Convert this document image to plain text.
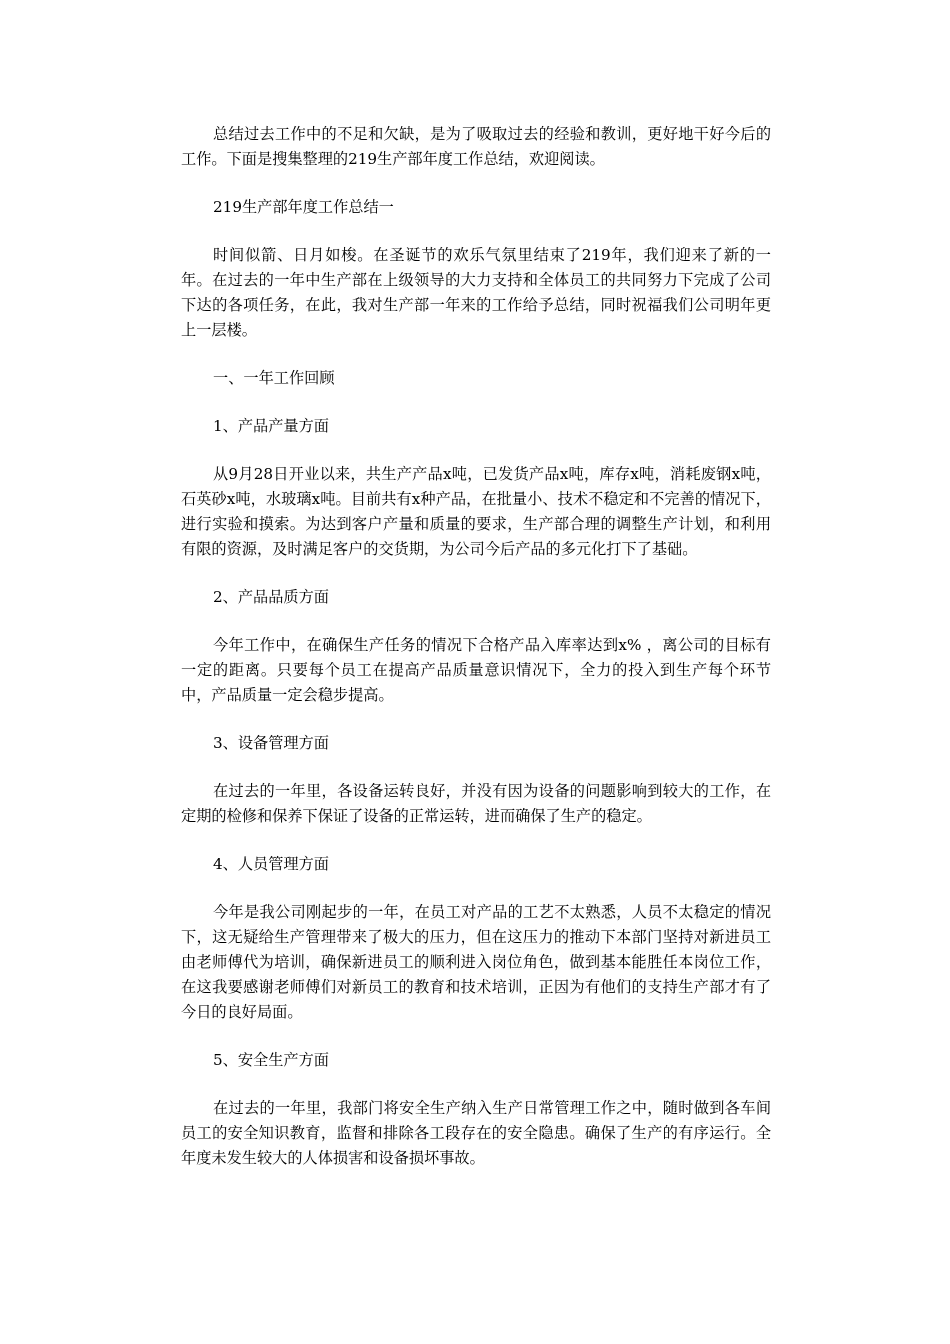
总结过去工作中的不足和欠缺，是为了吸取过去的经验和教训，更好地干好今后的工作。下面是搜集整理的219生产部年度工作总结，欢迎阅读。

219生产部年度工作总结一

时间似箭、日月如梭。在圣诞节的欢乐气氛里结束了219年，我们迎来了新的一年。在过去的一年中生产部在上级领导的大力支持和全体员工的共同努力下完成了公司下达的各项任务，在此，我对生产部一年来的工作给予总结，同时祝福我们公司明年更上一层楼。

一、一年工作回顾

1、产品产量方面

从9月28日开业以来，共生产产品x吨，已发货产品x吨，库存x吨，消耗废钢x吨，石英砂x吨，水玻璃x吨。目前共有x种产品，在批量小、技术不稳定和不完善的情况下，进行实验和摸索。为达到客户产量和质量的要求，生产部合理的调整生产计划，和利用有限的资源，及时满足客户的交货期，为公司今后产品的多元化打下了基础。

2、产品品质方面

今年工作中，在确保生产任务的情况下合格产品入库率达到x% ，离公司的目标有一定的距离。只要每个员工在提高产品质量意识情况下，全力的投入到生产每个环节中，产品质量一定会稳步提高。

3、设备管理方面

在过去的一年里，各设备运转良好，并没有因为设备的问题影响到较大的工作，在定期的检修和保养下保证了设备的正常运转，进而确保了生产的稳定。

4、人员管理方面

今年是我公司刚起步的一年，在员工对产品的工艺不太熟悉，人员不太稳定的情况下，这无疑给生产管理带来了极大的压力，但在这压力的推动下本部门坚持对新进员工由老师傅代为培训，确保新进员工的顺利进入岗位角色，做到基本能胜任本岗位工作，在这我要感谢老师傅们对新员工的教育和技术培训，正因为有他们的支持生产部才有了今日的良好局面。

5、安全生产方面

在过去的一年里，我部门将安全生产纳入生产日常管理工作之中，随时做到各车间员工的安全知识教育，监督和排除各工段存在的安全隐患。确保了生产的有序运行。全年度未发生较大的人体损害和设备损坏事故。
